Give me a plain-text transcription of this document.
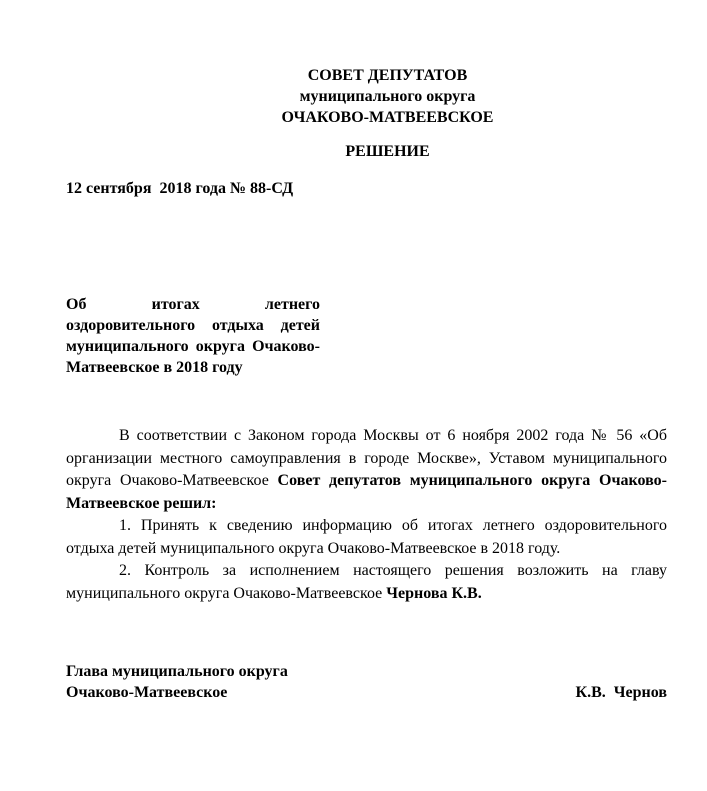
СОВЕТ ДЕПУТАТОВ
муниципального округа
ОЧАКОВО-МАТВЕЕВСКОЕ
РЕШЕНИЕ
12 сентября  2018 года № 88-СД
Об итогах летнего оздоровительного отдыха детей муниципального округа Очаково-Матвеевское в 2018 году

В соответствии с Законом города Москвы от 6 ноября 2002 года № 56 «Об организации местного самоуправления в городе Москве», Уставом муниципального округа Очаково-Матвеевское Совет депутатов муниципального округа Очаково-Матвеевское решил:

1. Принять к сведению информацию об итогах летнего оздоровительного отдыха детей муниципального округа Очаково-Матвеевское в 2018 году.

2. Контроль за исполнением настоящего решения возложить на главу муниципального округа Очаково-Матвеевское Чернова К.В.

Глава муниципального округа
Очаково-Матвеевское	К.В.  Чернов
